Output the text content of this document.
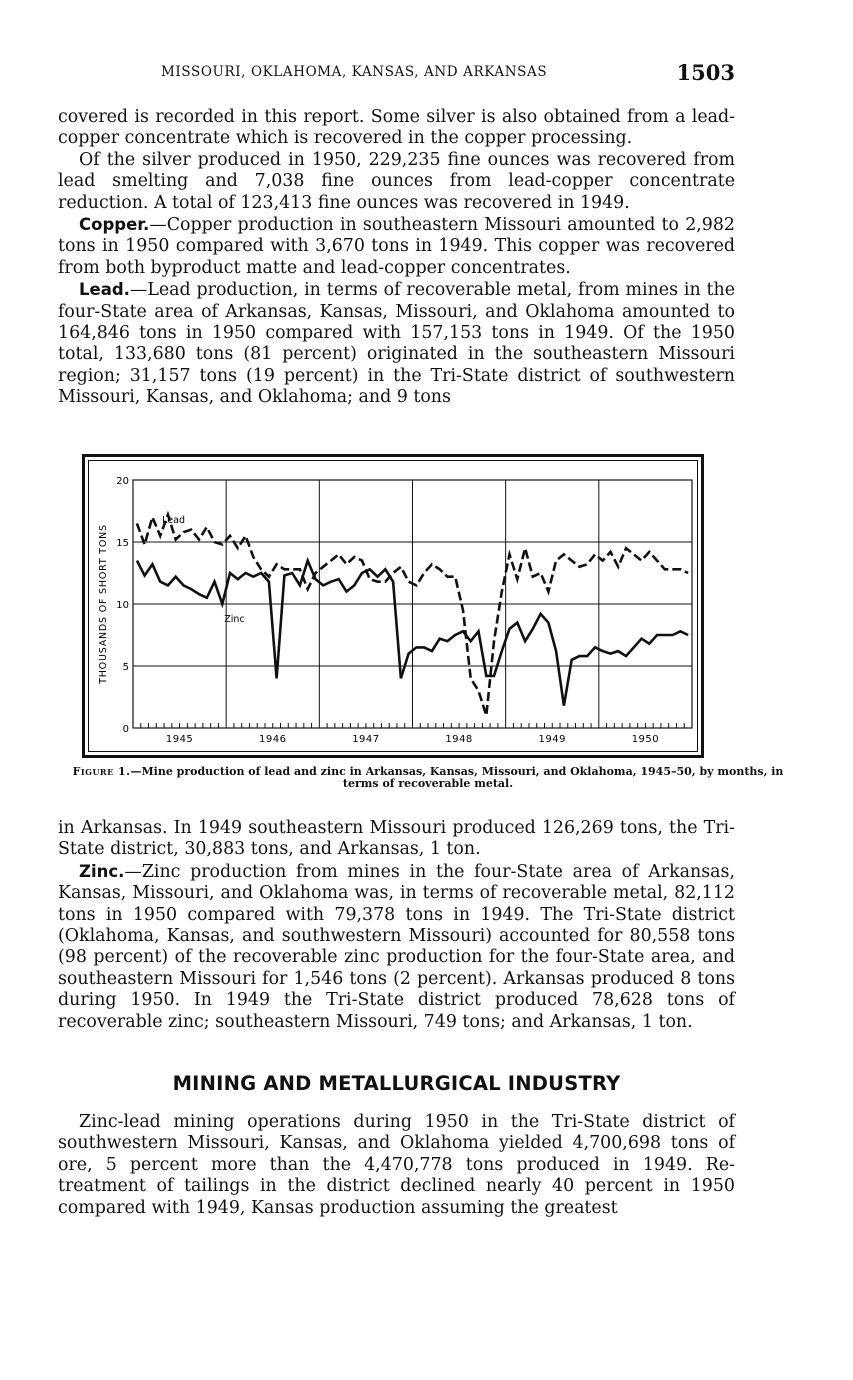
MISSOURI, OKLAHOMA, KANSAS, AND ARKANSAS	1503

covered is recorded in this report. Some silver is also obtained from a lead-copper concentrate which is recovered in the copper processing.

Of the silver produced in 1950, 229,235 fine ounces was recovered from lead smelting and 7,038 fine ounces from lead-copper concentrate reduction. A total of 123,413 fine ounces was recovered in 1949.

Copper.—Copper production in southeastern Missouri amounted to 2,982 tons in 1950 compared with 3,670 tons in 1949. This copper was recovered from both byproduct matte and lead-copper concentrates.

Lead.—Lead production, in terms of recoverable metal, from mines in the four-State area of Arkansas, Kansas, Missouri, and Oklahoma amounted to 164,846 tons in 1950 compared with 157,153 tons in 1949. Of the 1950 total, 133,680 tons (81 percent) originated in the southeastern Missouri region; 31,157 tons (19 percent) in the Tri-State district of southwestern Missouri, Kansas, and Oklahoma; and 9 tons

0
5
10
15
20
1945	1946	1947	1948	1949	1950
THOUSANDS OF SHORT TONS
Lead
Zinc
Figure 1.—Mine production of lead and zinc in Arkansas, Kansas, Missouri, and Oklahoma, 1945–50, by months, in terms of recoverable metal.

in Arkansas. In 1949 southeastern Missouri produced 126,269 tons, the Tri-State district, 30,883 tons, and Arkansas, 1 ton.

Zinc.—Zinc production from mines in the four-State area of Arkansas, Kansas, Missouri, and Oklahoma was, in terms of recoverable metal, 82,112 tons in 1950 compared with 79,378 tons in 1949. The Tri-State district (Oklahoma, Kansas, and southwestern Missouri) accounted for 80,558 tons (98 percent) of the recoverable zinc production for the four-State area, and southeastern Missouri for 1,546 tons (2 percent). Arkansas produced 8 tons during 1950. In 1949 the Tri-State district produced 78,628 tons of recoverable zinc; southeastern Missouri, 749 tons; and Arkansas, 1 ton.

MINING AND METALLURGICAL INDUSTRY

Zinc-lead mining operations during 1950 in the Tri-State district of southwestern Missouri, Kansas, and Oklahoma yielded 4,700,698 tons of ore, 5 percent more than the 4,470,778 tons produced in 1949. Re-treatment of tailings in the district declined nearly 40 percent in 1950 compared with 1949, Kansas production assuming the greatest
